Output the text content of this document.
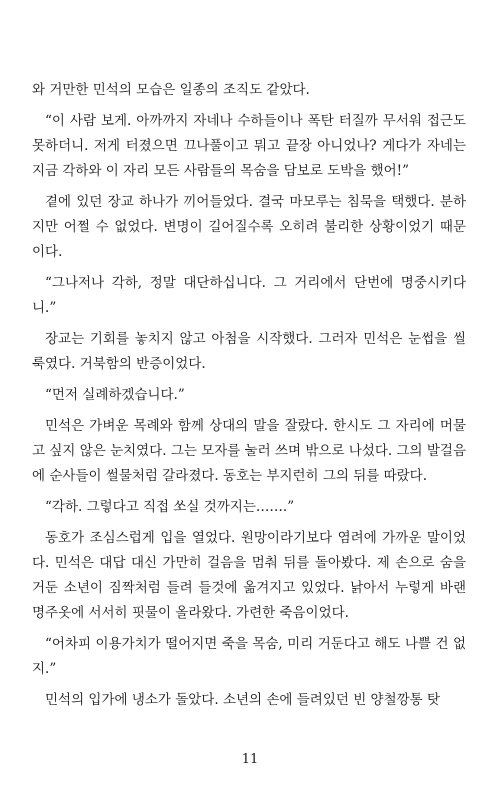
와 거만한 민석의 모습은 일종의 조직도 같았다.

“이 사람 보게. 아까까지 자네나 수하들이나 폭탄 터질까 무서워 접근도 못하더니. 저게 터졌으면 끄나풀이고 뭐고 끝장 아니었나? 게다가 자네는 지금 각하와 이 자리 모든 사람들의 목숨을 담보로 도박을 했어!”

곁에 있던 장교 하나가 끼어들었다. 결국 마모루는 침묵을 택했다. 분하지만 어쩔 수 없었다. 변명이 길어질수록 오히려 불리한 상황이었기 때문이다.

“그나저나 각하, 정말 대단하십니다. 그 거리에서 단번에 명중시키다니.”

장교는 기회를 놓치지 않고 아첨을 시작했다. 그러자 민석은 눈썹을 씰룩였다. 거북함의 반증이었다.

“먼저 실례하겠습니다.”

민석은 가벼운 목례와 함께 상대의 말을 잘랐다. 한시도 그 자리에 머물고 싶지 않은 눈치였다. 그는 모자를 눌러 쓰며 밖으로 나섰다. 그의 발걸음에 순사들이 썰물처럼 갈라졌다. 동호는 부지런히 그의 뒤를 따랐다.

“각하. 그렇다고 직접 쏘실 것까지는…….”

동호가 조심스럽게 입을 열었다. 원망이라기보다 염려에 가까운 말이었다. 민석은 대답 대신 가만히 걸음을 멈춰 뒤를 돌아봤다. 제 손으로 숨을 거둔 소년이 짐짝처럼 들려 들것에 옮겨지고 있었다. 낡아서 누렇게 바랜 명주옷에 서서히 핏물이 올라왔다. 가련한 죽음이었다.

“어차피 이용가치가 떨어지면 죽을 목숨, 미리 거둔다고 해도 나쁠 건 없지.”

민석의 입가에 냉소가 돌았다. 소년의 손에 들려있던 빈 양철깡통 탓

11
